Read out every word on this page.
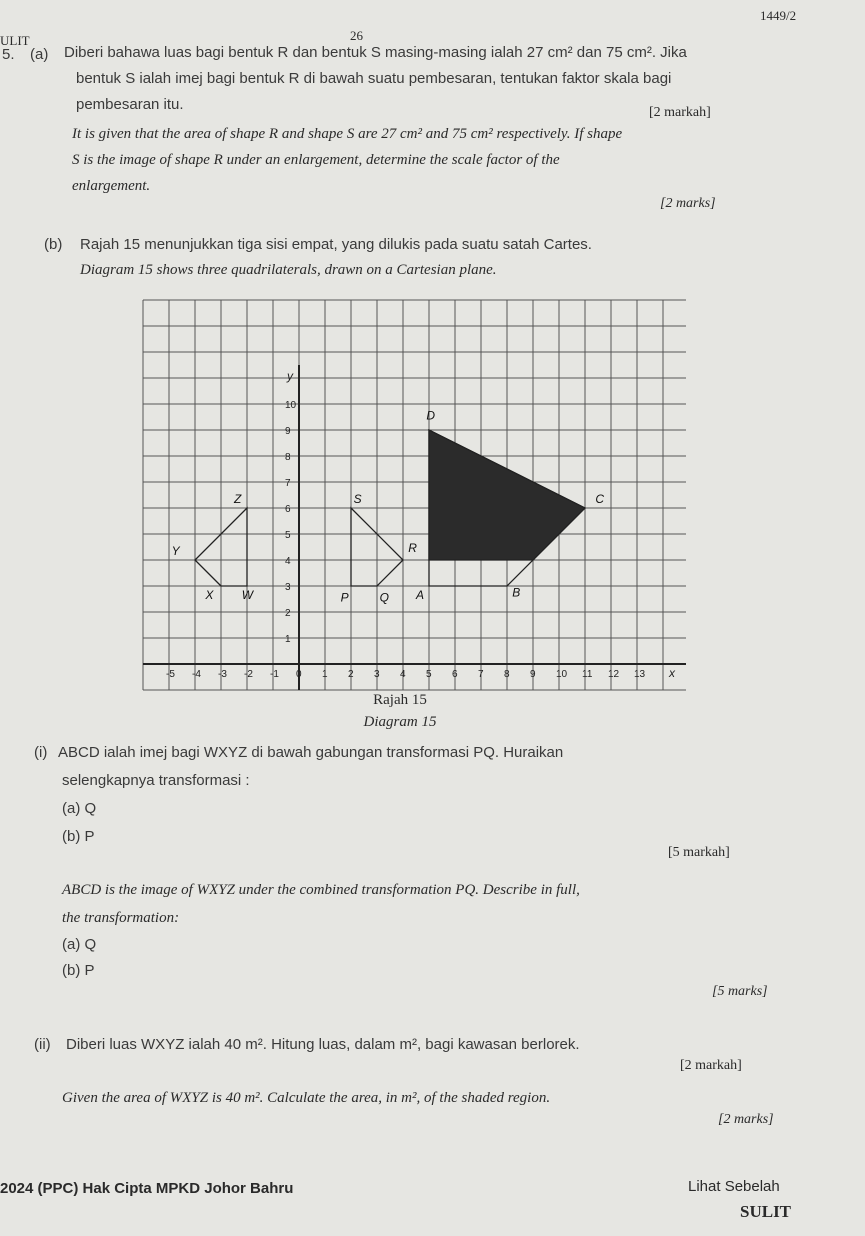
ULIT	26
1449/2
5. (a) Diberi bahawa luas bagi bentuk R dan bentuk S masing-masing ialah 27 cm² dan 75 cm². Jika
bentuk S ialah imej bagi bentuk R di bawah suatu pembesaran, tentukan faktor skala bagi
pembesaran itu.	[2 markah]
It is given that the area of shape R and shape S are 27 cm² and 75 cm² respectively. If shape
S is the image of shape R under an enlargement, determine the scale factor of the
enlargement.
[2 marks]
(b) Rajah 15 menunjukkan tiga sisi empat, yang dilukis pada suatu satah Cartes.
Diagram 15 shows three quadrilaterals, drawn on a Cartesian plane.
-5 -4 -3 -2 -1 0 1 2 3 4 5 6 7 8 9 10 11 12 13 x
1
2
3
4
5
6
7
8
9
10
y
W
X
Y
Z
P	Q
R
S
A	B
C
D
Rajah 15
Diagram 15
(i) ABCD ialah imej bagi WXYZ di bawah gabungan transformasi PQ. Huraikan
selengkapnya transformasi :
(a) Q
(b) P
[5 markah]
ABCD is the image of WXYZ under the combined transformation PQ. Describe in full,
the transformation:
(a) Q
(b) P
[5 marks]
(ii) Diberi luas WXYZ ialah 40 m². Hitung luas, dalam m², bagi kawasan berlorek.
[2 markah]
Given the area of WXYZ is 40 m². Calculate the area, in m², of the shaded region.
[2 marks]
2024 (PPC) Hak Cipta MPKD Johor Bahru	Lihat Sebelah
SULIT
